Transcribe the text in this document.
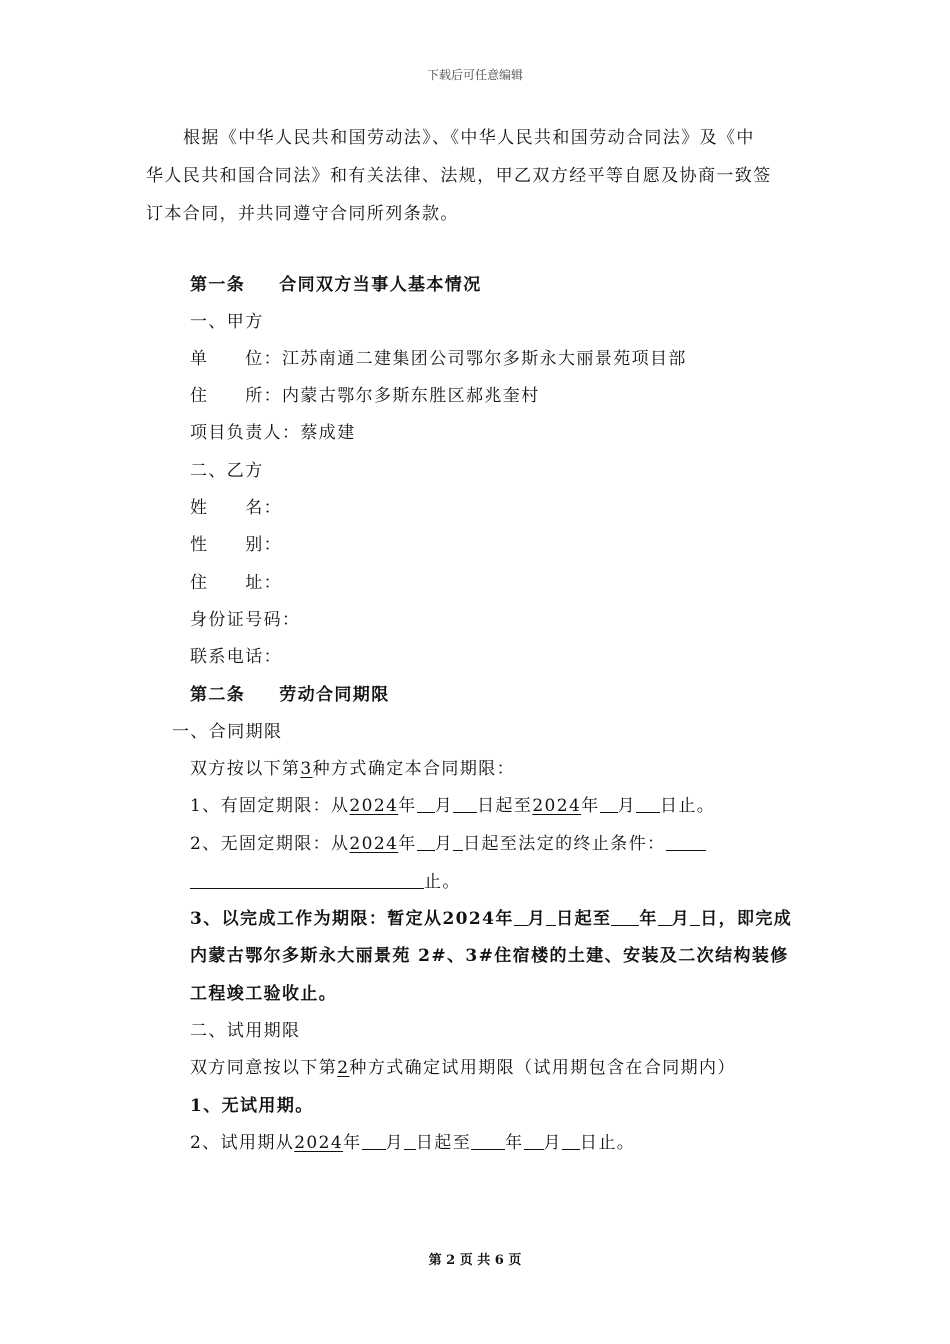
下载后可任意编辑
根据《中华人民共和国劳动法》、《中华人民共和国劳动合同法》及《中
华人民共和国合同法》和有关法律、法规，甲乙双方经平等自愿及协商一致签
订本合同，并共同遵守合同所列条款。
第一条 合同双方当事人基本情况
一、甲方
单　　位：江苏南通二建集团公司鄂尔多斯永大丽景苑项目部
住　　所：内蒙古鄂尔多斯东胜区郝兆奎村
项目负责人：蔡成建
二、乙方
姓　　名：
性　　别：
住　　址：
身份证号码：
联系电话：
第二条 劳动合同期限
一、合同期限
双方按以下第3种方式确定本合同期限：
1、有固定期限：从2024年 月 日起至2024年 月 日止。
2、无固定期限：从2024年 月 日起至法定的终止条件：
止。
3、以完成工作为期限：暂定从2024年 月 日起至 年 月 日，即完成
内蒙古鄂尔多斯永大丽景苑 2#、3#住宿楼的土建、安装及二次结构装修
工程竣工验收止。
二、试用期限
双方同意按以下第2种方式确定试用期限（试用期包含在合同期内）
1、无试用期。
2、试用期从2024年 月 日起至 年 月 日止。
第 2 页 共 6 页
